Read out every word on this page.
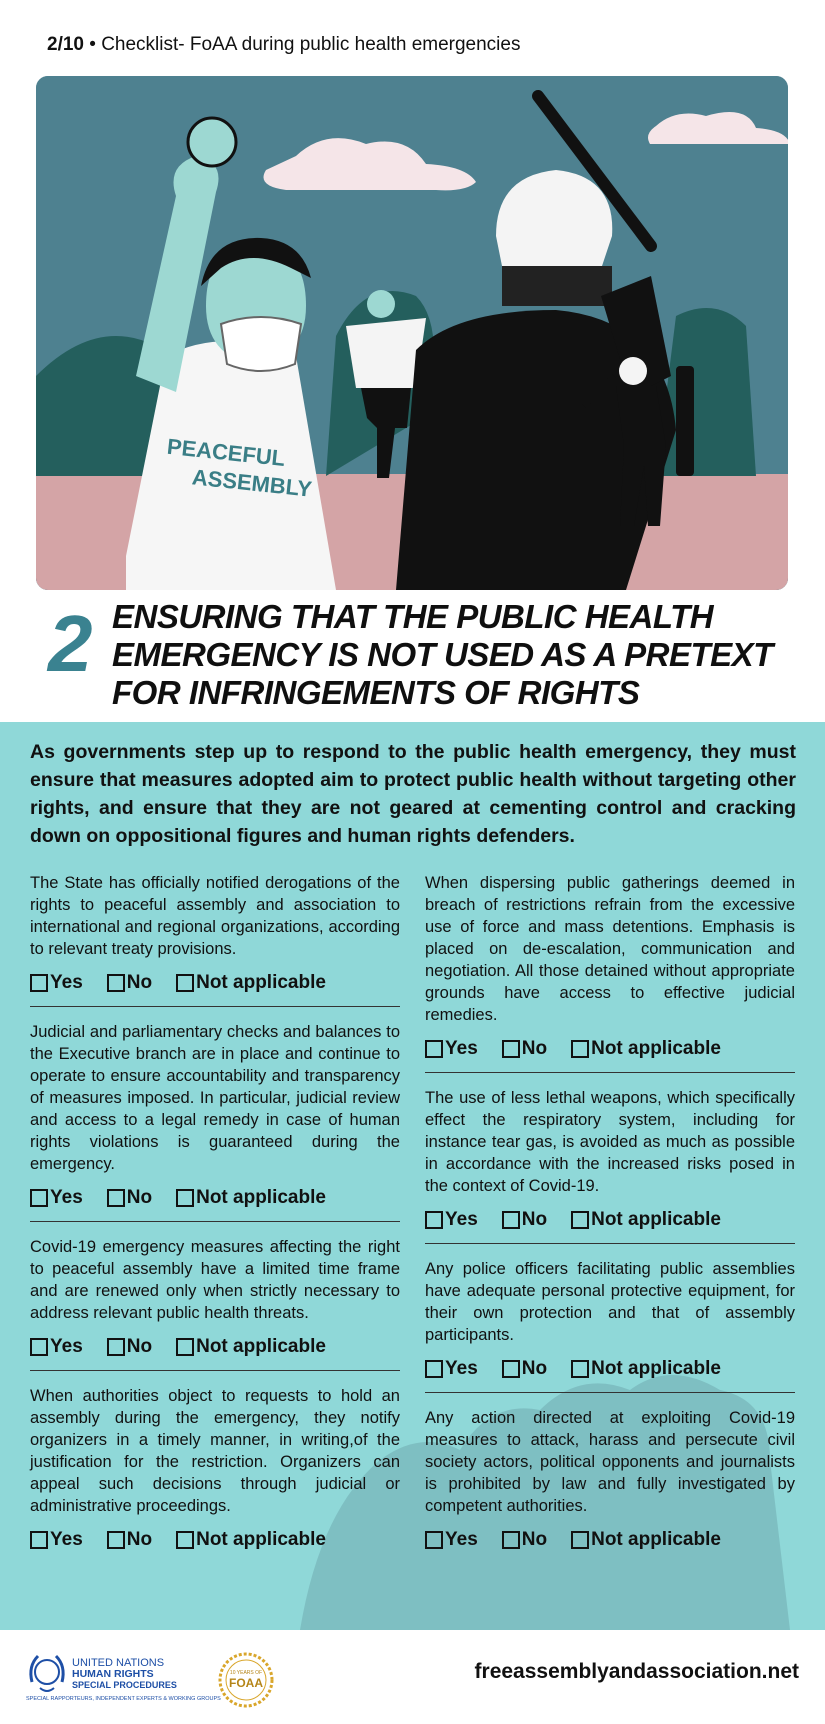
2/10 • Checklist- FoAA during public health emergencies
PEACEFUL
ASSEMBLY
2 ENSURING THAT THE PUBLIC HEALTH
EMERGENCY IS NOT USED AS A PRETEXT
FOR INFRINGEMENTS OF RIGHTS
As governments step up to respond to the public health emergency, they must ensure that measures adopted aim to protect public health without targeting other rights, and ensure that they are not geared at cementing control and cracking down on oppositional figures and human rights defenders.

The State has officially notified derogations of the rights to peaceful assembly and association to international and regional organizations, according to relevant treaty provisions.

Yes No Not applicable

Judicial and parliamentary checks and balances to the Executive branch are in place and continue to operate to ensure accountability and transparency of measures imposed. In particular, judicial review and access to a legal remedy in case of human rights violations is guaranteed during the emergency.

Yes No Not applicable

Covid-19 emergency measures affecting the right to peaceful assembly have a limited time frame and are renewed only when strictly necessary to address relevant public health threats.

Yes No Not applicable

When authorities object to requests to hold an assembly during the emergency, they notify organizers in a timely manner, in writing,of the justification for the restriction. Organizers can appeal such decisions through judicial or administrative proceedings.

Yes No Not applicable

When dispersing public gatherings deemed in breach of restrictions refrain from the excessive use of force and mass detentions. Emphasis is placed on de-escalation, communication and negotiation. All those detained without appropriate grounds have access to effective judicial remedies.

Yes No Not applicable

The use of less lethal weapons, which specifically effect the respiratory system, including for instance tear gas, is avoided as much as possible in accordance with the increased risks posed in the context of Covid-19.

Yes No Not applicable

Any police officers facilitating public assemblies have adequate personal protective equipment, for their own protection and that of assembly participants.

Yes No Not applicable

Any action directed at exploiting Covid-19 measures to attack, harass and persecute civil society actors, political opponents and journalists is prohibited by law and fully investigated by competent authorities.

Yes No Not applicable
UNITED NATIONS
HUMAN RIGHTS
SPECIAL PROCEDURES
SPECIAL RAPPORTEURS, INDEPENDENT EXPERTS & WORKING GROUPS
10 YEARS OF
FOAA	freeassemblyandassociation.net
